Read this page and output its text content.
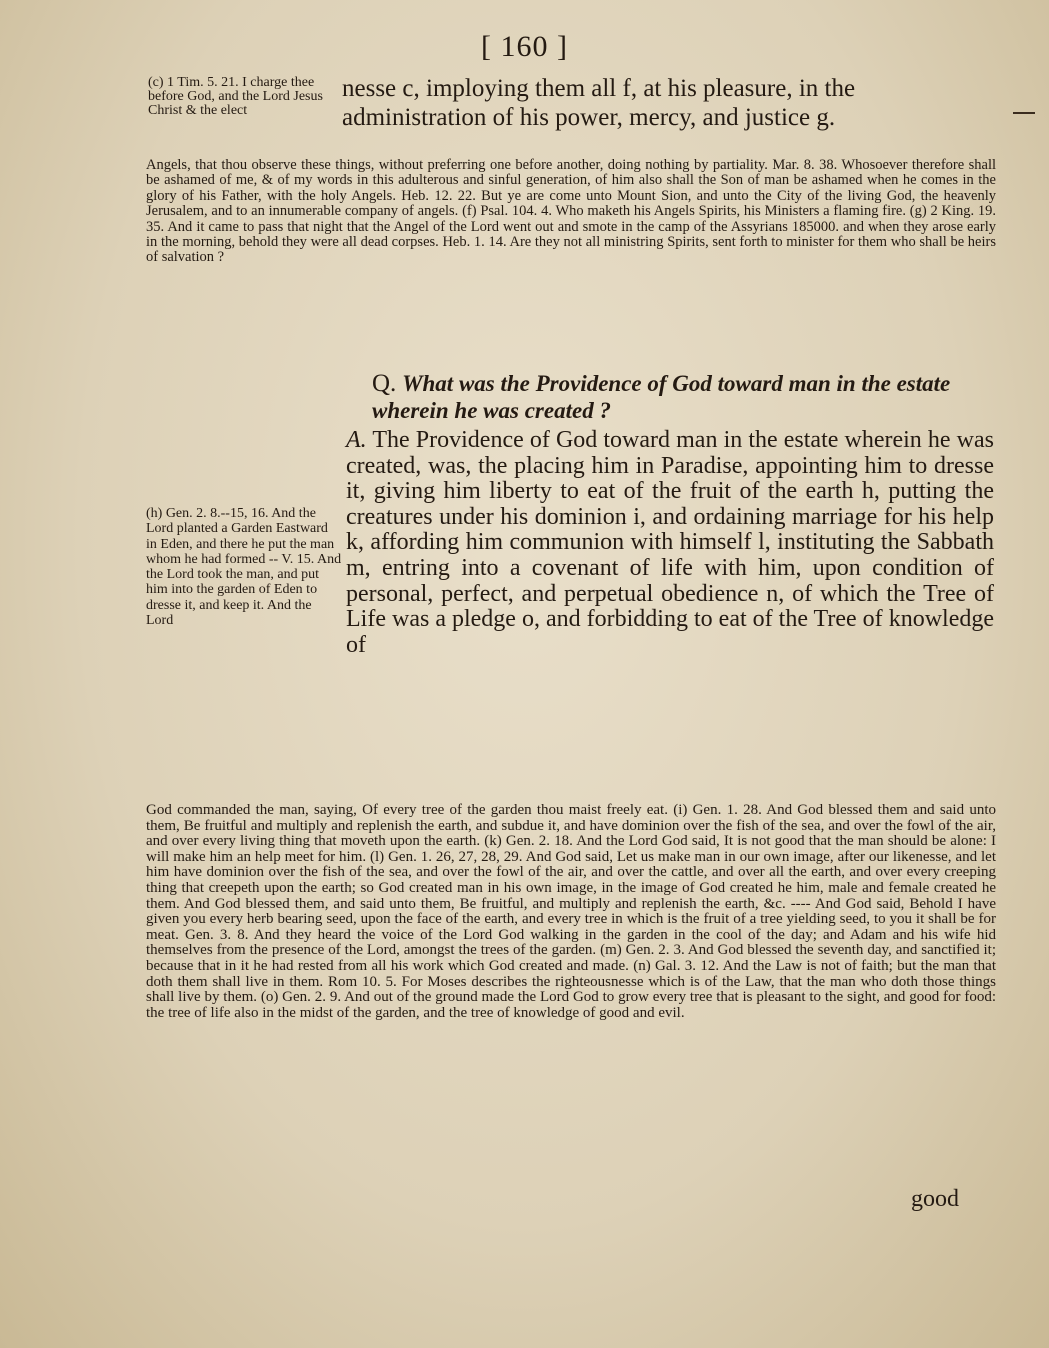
[ 160 ]
(c) 1 Tim. 5. 21. I charge thee before God, and the Lord Jesus Christ & the elect
nesse c, imploying them all f, at his pleasure, in the administration of his power, mercy, and justice g.

Angels, that thou observe these things, without preferring one before another, doing nothing by partiality. Mar. 8. 38. Whosoever therefore shall be ashamed of me, & of my words in this adulterous and sinful generation, of him also shall the Son of man be ashamed when he comes in the glory of his Father, with the holy Angels. Heb. 12. 22. But ye are come unto Mount Sion, and unto the City of the living God, the heavenly Jerusalem, and to an innumerable company of angels. (f) Psal. 104. 4. Who maketh his Angels Spirits, his Ministers a flaming fire. (g) 2 King. 19. 35. And it came to pass that night that the Angel of the Lord went out and smote in the camp of the Assyrians 185000. and when they arose early in the morning, behold they were all dead corpses. Heb. 1. 14. Are they not all ministring Spirits, sent forth to minister for them who shall be heirs of salvation ?

Q. What was the Providence of God toward man in the estate wherein he was created ?
A. The Providence of God toward man in the estate wherein he was created, was, the placing him in Paradise, appointing him to dresse it, giving him liberty to eat of the fruit of the earth h, putting the creatures under his dominion i, and ordaining marriage for his help k, affording him communion with himself l, instituting the Sabbath m, entring into a covenant of life with him, upon condition of personal, perfect, and perpetual obedience n, of which the Tree of Life was a pledge o, and forbidding to eat of the Tree of knowledge of
(h) Gen. 2. 8.--15, 16. And the Lord planted a Garden Eastward in Eden, and there he put the man whom he had formed -- V. 15. And the Lord took the man, and put him into the garden of Eden to dresse it, and keep it. And the Lord

God commanded the man, saying, Of every tree of the garden thou maist freely eat. (i) Gen. 1. 28. And God blessed them and said unto them, Be fruitful and multiply and replenish the earth, and subdue it, and have dominion over the fish of the sea, and over the fowl of the air, and over every living thing that moveth upon the earth. (k) Gen. 2. 18. And the Lord God said, It is not good that the man should be alone: I will make him an help meet for him. (l) Gen. 1. 26, 27, 28, 29. And God said, Let us make man in our own image, after our likenesse, and let him have dominion over the fish of the sea, and over the fowl of the air, and over the cattle, and over all the earth, and over every creeping thing that creepeth upon the earth; so God created man in his own image, in the image of God created he him, male and female created he them. And God blessed them, and said unto them, Be fruitful, and multiply and replenish the earth, &c. ---- And God said, Behold I have given you every herb bearing seed, upon the face of the earth, and every tree in which is the fruit of a tree yielding seed, to you it shall be for meat. Gen. 3. 8. And they heard the voice of the Lord God walking in the garden in the cool of the day; and Adam and his wife hid themselves from the presence of the Lord, amongst the trees of the garden. (m) Gen. 2. 3. And God blessed the seventh day, and sanctified it; because that in it he had rested from all his work which God created and made. (n) Gal. 3. 12. And the Law is not of faith; but the man that doth them shall live in them. Rom 10. 5. For Moses describes the righteousnesse which is of the Law, that the man who doth those things shall live by them. (o) Gen. 2. 9. And out of the ground made the Lord God to grow every tree that is pleasant to the sight, and good for food: the tree of life also in the midst of the garden, and the tree of knowledge of good and evil.

good
